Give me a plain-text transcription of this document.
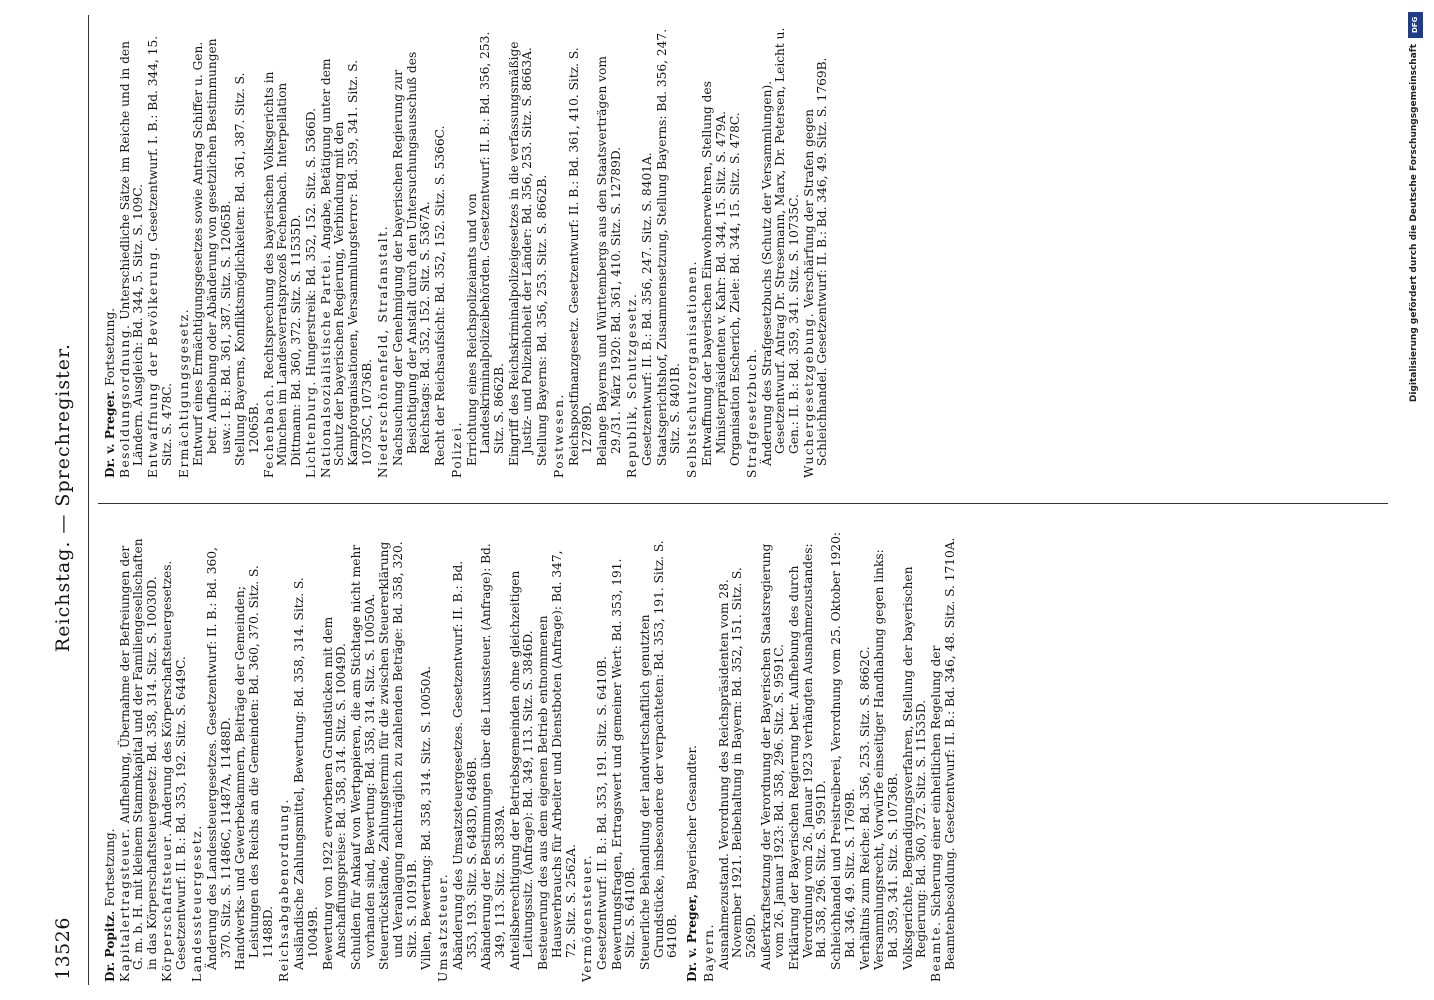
13526
Reichstag. — Sprechregister.
Dr. Popitz. Fortsetzung. Kapitalertragsteuer. Aufhebung, Übernahme der Befreiungen der G. m. b. H. mit kleinem Stammkapital und der Familiengesellschaften in das Körperschaftsteuergesetz: Bd. 358, 314. Sitz. S. 10030D. Körperschaftsteuer. Änderung des Körperschaftsteuergesetzes. Gesetzentwurf: II. B.: Bd. 353, 192. Sitz. S. 6449C. Landessteuergesetz. Änderung des Landessteuergesetzes. Gesetzentwurf: II. B.: Bd. 360, 370. Sitz. S. 11486C, 11487A, 11488D. Handwerks- und Gewerbekammern, Beiträge der Gemeinden; Leistungen des Reichs an die Gemeinden: Bd. 360, 370. Sitz. S. 11488D. Reichsabgabenordnung. Ausländische Zahlungsmittel, Bewertung: Bd. 358, 314. Sitz. S. 10049B. Bewertung von 1922 erworbenen Grundstücken mit dem Anschaffungspreise: Bd. 358, 314. Sitz. S. 10049D. Schulden für Ankauf von Wertpapieren, die am Stichtage nicht mehr vorhanden sind, Bewertung: Bd. 358, 314. Sitz. S. 10050A. Steuerrückstände, Zahlungstermin für die zwischen Steuererklärung und Veranlagung nachträglich zu zahlenden Beträge: Bd. 358, 320. Sitz. S. 10191B. Villen, Bewertung: Bd. 358, 314. Sitz. S. 10050A. Umsatzsteuer. Abänderung des Umsatzsteuergesetzes. Gesetzentwurf: II. B.: Bd. 353, 193. Sitz. S. 6483D, 6486B. Abänderung der Bestimmungen über die Luxussteuer. (Anfrage): Bd. 349, 113. Sitz. S. 3839A. Anteilsberechtigung der Betriebsgemeinden ohne gleichzeitigen Leitungssitz. (Anfrage): Bd. 349, 113. Sitz. S. 3846D. Besteuerung des aus dem eigenen Betrieb entnommenen Hausverbrauchs für Arbeiter und Dienstboten (Anfrage): Bd. 347, 72. Sitz. S. 2562A. Vermögensteuer. Gesetzentwurf: II. B.: Bd. 353, 191. Sitz. S. 6410B. Bewertungsfragen, Ertragswert und gemeiner Wert: Bd. 353, 191. Sitz. S. 6410B. Steuerliche Behandlung der landwirtschaftlich genutzten Grundstücke, insbesondere der verpachteten: Bd. 353, 191. Sitz. S. 6410B. Dr. v. Preger, Bayerischer Gesandter.
Bayern. Ausnahmezustand. Verordnung des Reichspräsidenten vom 28. November 1921. Beibehaltung in Bayern: Bd. 352, 151. Sitz. S. 5269D. Außerkraftsetzung der Verordnung der Bayerischen Staatsregierung vom 26. Januar 1923: Bd. 358, 296. Sitz. S. 9591C. Erklärung der Bayerischen Regierung betr. Aufhebung des durch Verordnung vom 26. Januar 1923 verhängten Ausnahmezustandes: Bd. 358, 296. Sitz. S. 9591D. Schleichhandel und Preistreiberei, Verordnung vom 25. Oktober 1920: Bd. 346, 49. Sitz. S. 1769B. Verhältnis zum Reiche: Bd. 356, 253. Sitz. S. 8662C. Versammlungsrecht, Vorwürfe einseitiger Handhabung gegen links: Bd. 359, 341. Sitz. S. 10736B. Volksgerichte, Begnadigungsverfahren, Stellung der bayerischen Regierung: Bd. 360, 372. Sitz. S. 11535D. Beamte. Sicherung einer einheitlichen Regelung der Beamtenbesoldung. Gesetzentwurf: II. B.: Bd. 346, 48. Sitz. S. 1710A.
Dr. v. Preger. Fortsetzung. Besoldungsordnung. Unterschiedliche Sätze im Reiche und in den Ländern. Ausgleich: Bd. 344, 5. Sitz. S. 109C. Entwaffnung der Bevölkerung. Gesetzentwurf. I. B.: Bd. 344, 15. Sitz. S. 478C. Ermächtigungsgesetz. Entwurf eines Ermächtigungsgesetzes sowie Antrag Schiffer u. Gen. betr. Aufhebung oder Abänderung von gesetzlichen Bestimmungen usw.: I. B.: Bd. 361, 387. Sitz. S. 12065B. Stellung Bayerns, Konfliktsmöglichkeiten: Bd. 361, 387. Sitz. S. 12065B. Fechenbach. Rechtsprechung des bayerischen Volksgerichts in München im Landesverratsprozeß Fechenbach. Interpellation Dittmann: Bd. 360, 372. Sitz. S. 11535D. Lichtenburg. Hungerstreik: Bd. 352, 152. Sitz. S. 5366D. Nationalsozialistische Partei. Angabe, Betätigung unter dem Schutz der bayerischen Regierung, Verbindung mit den Kampforganisationen, Versammlungsterror: Bd. 359, 341. Sitz. S. 10735C, 10736B. Niederschönenfeld, Strafanstalt. Nachsuchung der Genehmigung der bayerischen Regierung zur Besichtigung der Anstalt durch den Untersuchungsausschuß des Reichstags: Bd. 352, 152. Sitz. S. 5367A. Recht der Reichsaufsicht: Bd. 352, 152. Sitz. S. 5366C. Polizei. Errichtung eines Reichspolizeiamts und von Landeskriminalpolizeibehörden. Gesetzentwurf: II. B.: Bd. 356, 253. Sitz. S. 8662B. Eingriff des Reichskriminalpolizeigesetzes in die verfassungsmäßige Justiz- und Polizeihoheit der Länder: Bd. 356, 253. Sitz. S. 8663A. Stellung Bayerns: Bd. 356, 253. Sitz. S. 8662B. Postwesen. Reichspostfinanzgesetz. Gesetzentwurf: II. B.: Bd. 361, 410. Sitz. S. 12789D. Belange Bayerns und Württembergs aus den Staatsverträgen vom 29./31. März 1920: Bd. 361, 410. Sitz. S. 12789D. Republik, Schutzgesetz. Gesetzentwurf: II. B.: Bd. 356, 247. Sitz. S. 8401A. Staatsgerichtshof, Zusammensetzung, Stellung Bayerns: Bd. 356, 247. Sitz. S. 8401B. Selbstschutzorganisationen. Entwaffnung der bayerischen Einwohnerwehren, Stellung des Ministerpräsidenten v. Kahr: Bd. 344, 15. Sitz. S. 479A. Organisation Escherich, Ziele: Bd. 344, 15. Sitz. S. 478C. Strafgesetzbuch. Änderung des Strafgesetzbuchs (Schutz der Versammlungen). Gesetzentwurf. Antrag Dr. Stresemann, Marx, Dr. Petersen, Leicht u. Gen.: II. B.: Bd. 359, 341. Sitz. S. 10735C. Wuchergesetzgebung. Verschärfung der Strafen gegen Schleichhandel. Gesetzentwurf: II. B.: Bd. 346, 49. Sitz. S. 1769B.
DFG
Digitalisierung gefördert durch die Deutsche Forschungsgemeinschaft
